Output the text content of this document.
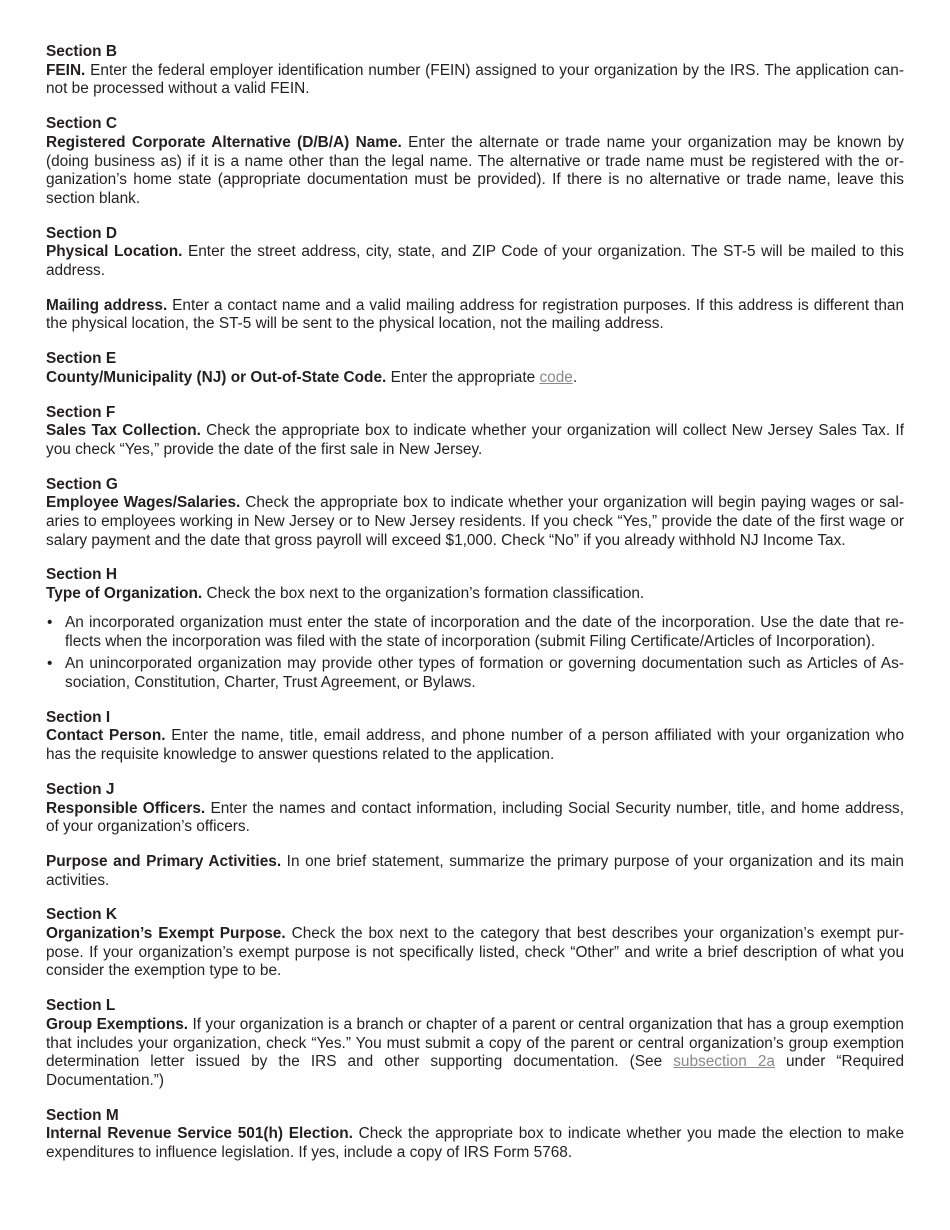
Section B

FEIN. Enter the federal employer identification number (FEIN) assigned to your organization by the IRS. The application cannot be processed without a valid FEIN.

Section C

Registered Corporate Alternative (D/B/A) Name. Enter the alternate or trade name your organization may be known by (doing business as) if it is a name other than the legal name. The alternative or trade name must be registered with the organization’s home state (appropriate documentation must be provided). If there is no alternative or trade name, leave this section blank.

Section D

Physical Location. Enter the street address, city, state, and ZIP Code of your organization. The ST-5 will be mailed to this address.

Mailing address. Enter a contact name and a valid mailing address for registration purposes. If this address is different than the physical location, the ST-5 will be sent to the physical location, not the mailing address.

Section E

County/Municipality (NJ) or Out-of-State Code. Enter the appropriate code.

Section F

Sales Tax Collection. Check the appropriate box to indicate whether your organization will collect New Jersey Sales Tax. If you check “Yes,” provide the date of the first sale in New Jersey.

Section G

Employee Wages/Salaries. Check the appropriate box to indicate whether your organization will begin paying wages or salaries to employees working in New Jersey or to New Jersey residents. If you check “Yes,” provide the date of the first wage or salary payment and the date that gross payroll will exceed $1,000. Check “No” if you already withhold NJ Income Tax.

Section H

Type of Organization. Check the box next to the organization’s formation classification.

• An incorporated organization must enter the state of incorporation and the date of the incorporation. Use the date that reflects when the incorporation was filed with the state of incorporation (submit Filing Certificate/Articles of Incorporation).
• An unincorporated organization may provide other types of formation or governing documentation such as Articles of Association, Constitution, Charter, Trust Agreement, or Bylaws.

Section I

Contact Person. Enter the name, title, email address, and phone number of a person affiliated with your organization who has the requisite knowledge to answer questions related to the application.

Section J

Responsible Officers. Enter the names and contact information, including Social Security number, title, and home address, of your organization’s officers.

Purpose and Primary Activities. In one brief statement, summarize the primary purpose of your organization and its main activities.

Section K

Organization’s Exempt Purpose. Check the box next to the category that best describes your organization’s exempt purpose. If your organization’s exempt purpose is not specifically listed, check “Other” and write a brief description of what you consider the exemption type to be.

Section L

Group Exemptions. If your organization is a branch or chapter of a parent or central organization that has a group exemption that includes your organization, check “Yes.” You must submit a copy of the parent or central organization’s group exemption determination letter issued by the IRS and other supporting documentation. (See subsection 2a under “Required Documentation.”)

Section M

Internal Revenue Service 501(h) Election. Check the appropriate box to indicate whether you made the election to make expenditures to influence legislation. If yes, include a copy of IRS Form 5768.
